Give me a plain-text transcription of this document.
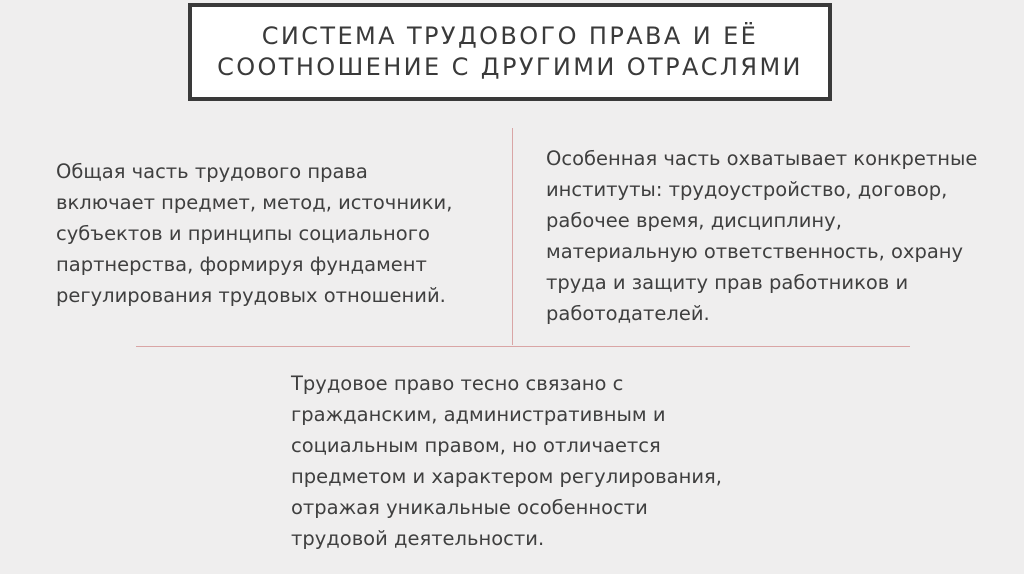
СИСТЕМА ТРУДОВОГО ПРАВА И ЕЁ
СООТНОШЕНИЕ С ДРУГИМИ ОТРАСЛЯМИ
Общая часть трудового права
включает предмет, метод, источники,
субъектов и принципы социального
партнерства, формируя фундамент
регулирования трудовых отношений.
Особенная часть охватывает конкретные
институты: трудоустройство, договор,
рабочее время, дисциплину,
материальную ответственность, охрану
труда и защиту прав работников и
работодателей.
Трудовое право тесно связано с
гражданским, административным и
социальным правом, но отличается
предметом и характером регулирования,
отражая уникальные особенности
трудовой деятельности.
